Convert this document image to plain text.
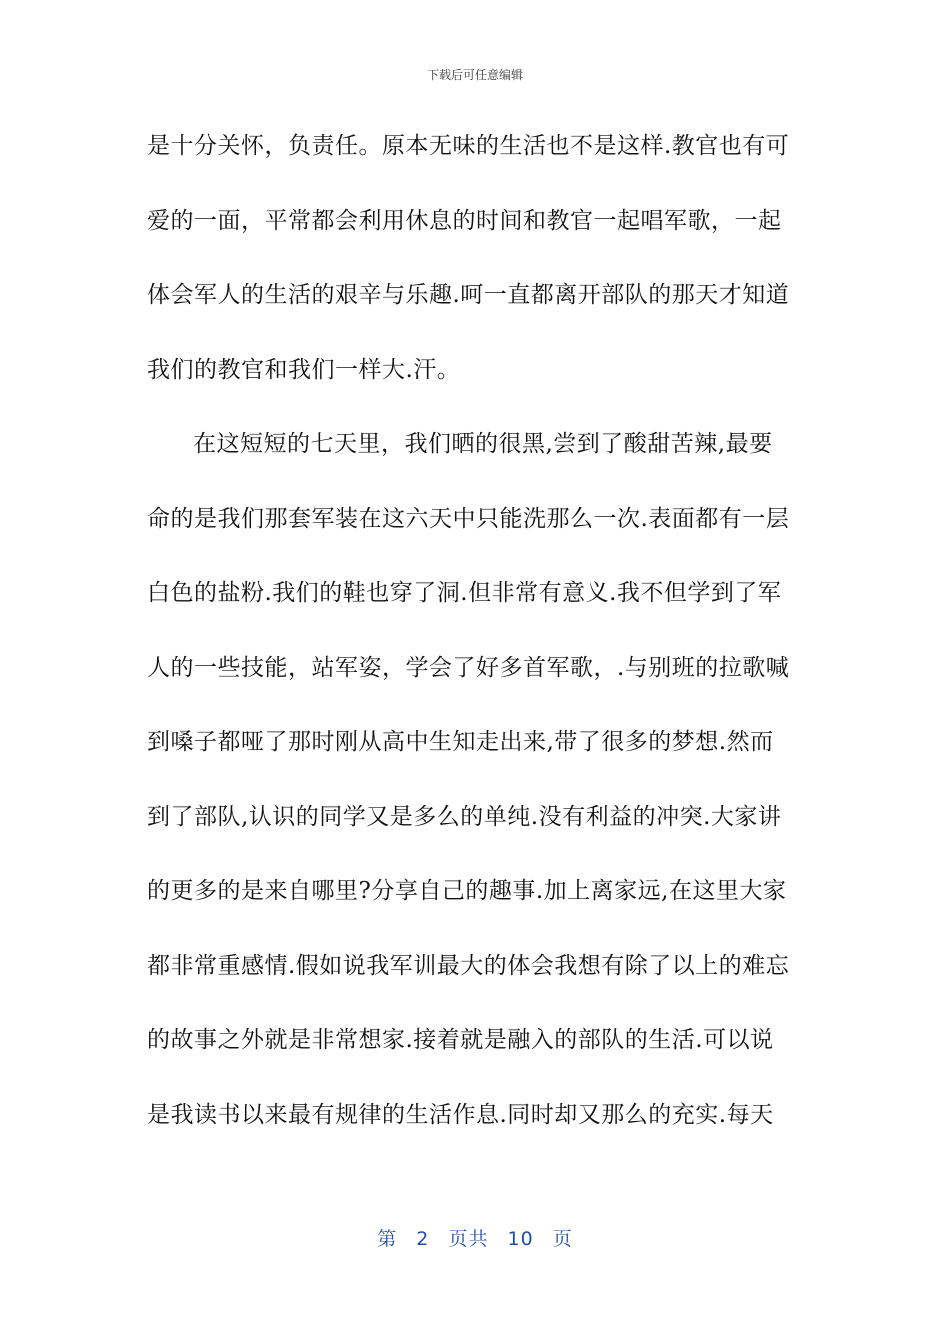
下载后可任意编辑
是十分关怀，负责任。原本无味的生活也不是这样.教官也有可
爱的一面，平常都会利用休息的时间和教官一起唱军歌，一起
体会军人的生活的艰辛与乐趣.呵一直都离开部队的那天才知道
我们的教官和我们一样大.汗。
在这短短的七天里，我们晒的很黑,尝到了酸甜苦辣,最要
命的是我们那套军装在这六天中只能洗那么一次.表面都有一层
白色的盐粉.我们的鞋也穿了洞.但非常有意义.我不但学到了军
人的一些技能，站军姿，学会了好多首军歌，.与别班的拉歌喊
到嗓子都哑了那时刚从高中生知走出来,带了很多的梦想.然而
到了部队,认识的同学又是多么的单纯.没有利益的冲突.大家讲
的更多的是来自哪里?分享自己的趣事.加上离家远,在这里大家
都非常重感情.假如说我军训最大的体会我想有除了以上的难忘
的故事之外就是非常想家.接着就是融入的部队的生活.可以说
是我读书以来最有规律的生活作息.同时却又那么的充实.每天
第 2 页共 10 页
